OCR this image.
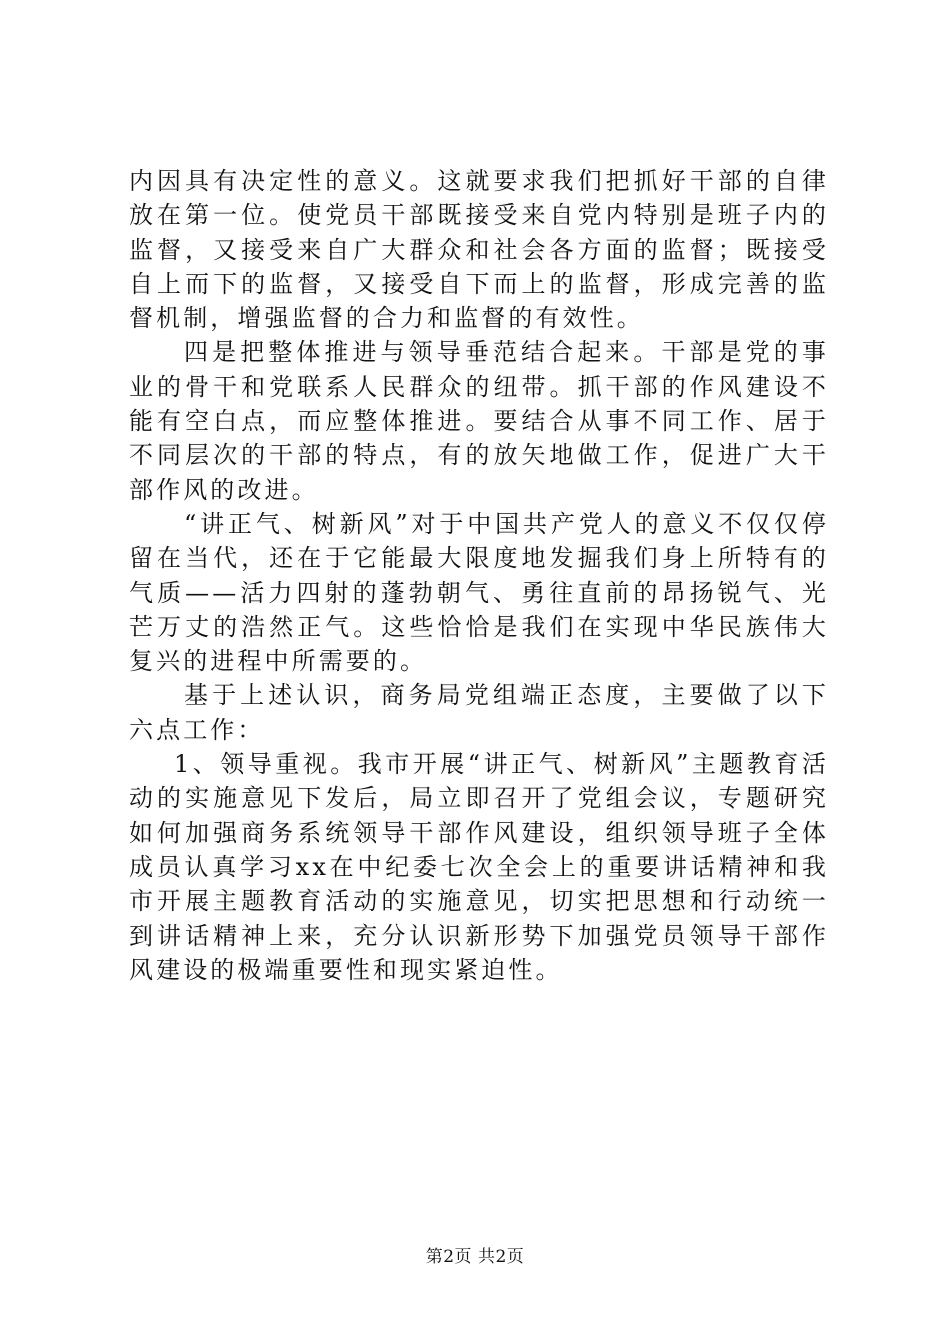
内因具有决定性的意义。这就要求我们把抓好干部的自律放在第一位。使党员干部既接受来自党内特别是班子内的监督，又接受来自广大群众和社会各方面的监督；既接受自上而下的监督，又接受自下而上的监督，形成完善的监督机制，增强监督的合力和监督的有效性。

四是把整体推进与领导垂范结合起来。干部是党的事业的骨干和党联系人民群众的纽带。抓干部的作风建设不能有空白点，而应整体推进。要结合从事不同工作、居于不同层次的干部的特点，有的放矢地做工作，促进广大干部作风的改进。

“讲正气、树新风”对于中国共产党人的意义不仅仅停留在当代，还在于它能最大限度地发掘我们身上所特有的气质——活力四射的蓬勃朝气、勇往直前的昂扬锐气、光芒万丈的浩然正气。这些恰恰是我们在实现中华民族伟大复兴的进程中所需要的。

基于上述认识，商务局党组端正态度，主要做了以下六点工作：

1、领导重视。我市开展“讲正气、树新风”主题教育活动的实施意见下发后，局立即召开了党组会议，专题研究如何加强商务系统领导干部作风建设，组织领导班子全体成员认真学习xx在中纪委七次全会上的重要讲话精神和我市开展主题教育活动的实施意见，切实把思想和行动统一到讲话精神上来，充分认识新形势下加强党员领导干部作风建设的极端重要性和现实紧迫性。

第2页 共2页
